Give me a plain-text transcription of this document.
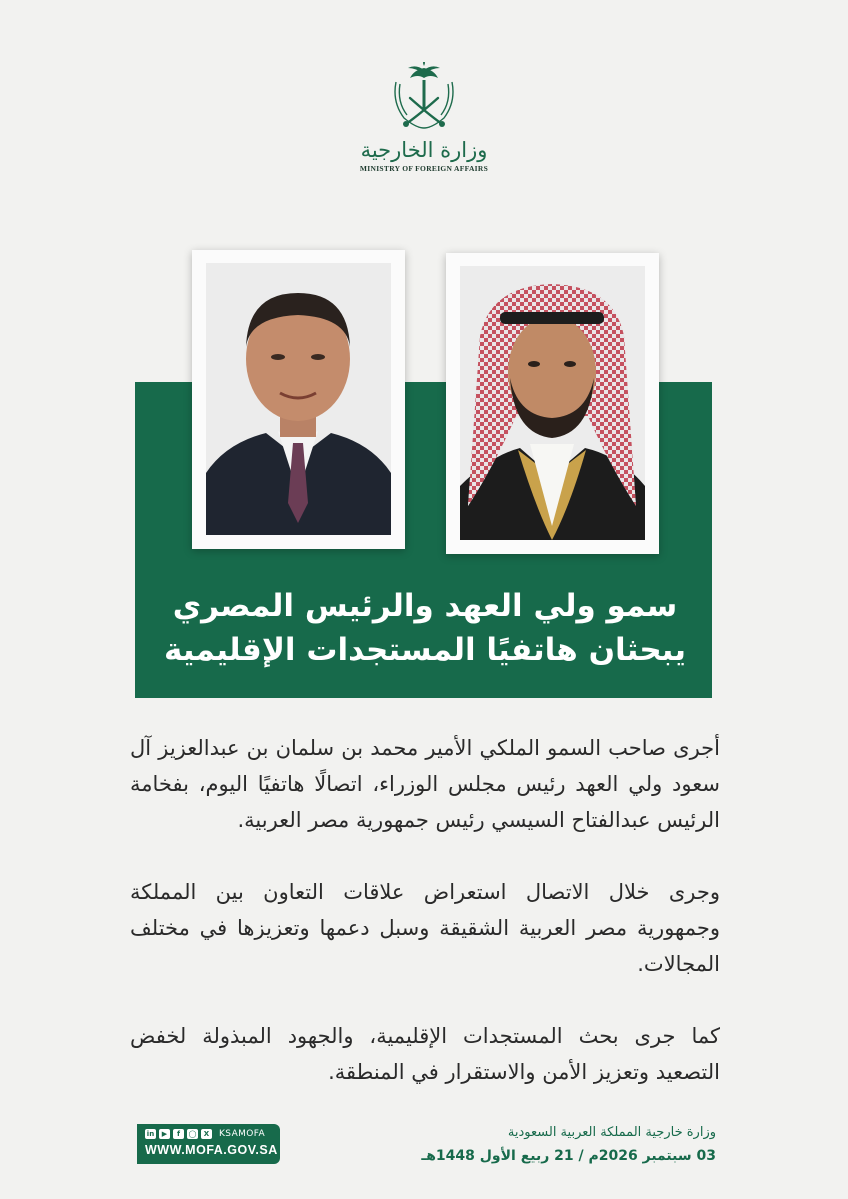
وزارة الخارجية
MINISTRY OF FOREIGN AFFAIRS
سمو ولي العهد والرئيس المصري
يبحثان هاتفيًا المستجدات الإقليمية

أجرى صاحب السمو الملكي الأمير محمد بن سلمان بن عبدالعزيز آل سعود ولي العهد رئيس مجلس الوزراء، اتصالًا هاتفيًا اليوم، بفخامة الرئيس عبدالفتاح السيسي رئيس جمهورية مصر العربية.

وجرى خلال الاتصال استعراض علاقات التعاون بين المملكة وجمهورية مصر العربية الشقيقة وسبل دعمها وتعزيزها في مختلف المجالات.

كما جرى بحث المستجدات الإقليمية، والجهود المبذولة لخفض التصعيد وتعزيز الأمن والاستقرار في المنطقة.

in	▶	f	◯	X	KSAMOFA
WWW.MOFA.GOV.SA
وزارة خارجية المملكة العربية السعودية
03 سبتمبر 2026م / 21 ربيع الأول 1448هـ
